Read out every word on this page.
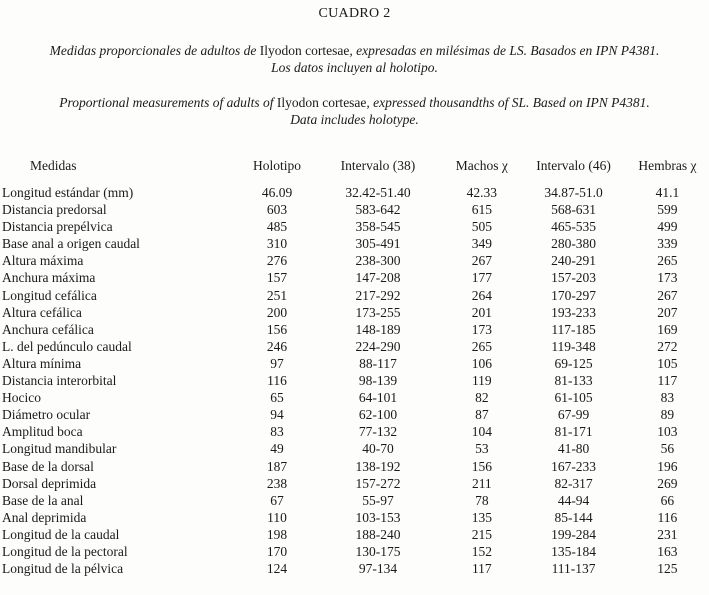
CUADRO 2
Medidas proporcionales de adultos de Ilyodon cortesae, expresadas en milésimas de LS. Basados en IPN P4381.
Los datos incluyen al holotipo.
Proportional measurements of adults of Ilyodon cortesae, expressed thousandths of SL. Based on IPN P4381.
Data includes holotype.
Medidas	Holotipo	Intervalo (38)	Machos χ	Intervalo (46)	Hembras χ
Longitud estándar (mm)	46.09	32.42-51.40	42.33	34.87-51.0	41.1
Distancia predorsal	603	583-642	615	568-631	599
Distancia prepélvica	485	358-545	505	465-535	499
Base anal a origen caudal	310	305-491	349	280-380	339
Altura máxima	276	238-300	267	240-291	265
Anchura máxima	157	147-208	177	157-203	173
Longitud cefálica	251	217-292	264	170-297	267
Altura cefálica	200	173-255	201	193-233	207
Anchura cefálica	156	148-189	173	117-185	169
L. del pedúnculo caudal	246	224-290	265	119-348	272
Altura mínima	97	88-117	106	69-125	105
Distancia interorbital	116	98-139	119	81-133	117
Hocico	65	64-101	82	61-105	83
Diámetro ocular	94	62-100	87	67-99	89
Amplitud boca	83	77-132	104	81-171	103
Longitud mandibular	49	40-70	53	41-80	56
Base de la dorsal	187	138-192	156	167-233	196
Dorsal deprimida	238	157-272	211	82-317	269
Base de la anal	67	55-97	78	44-94	66
Anal deprimida	110	103-153	135	85-144	116
Longitud de la caudal	198	188-240	215	199-284	231
Longitud de la pectoral	170	130-175	152	135-184	163
Longitud de la pélvica	124	97-134	117	111-137	125
